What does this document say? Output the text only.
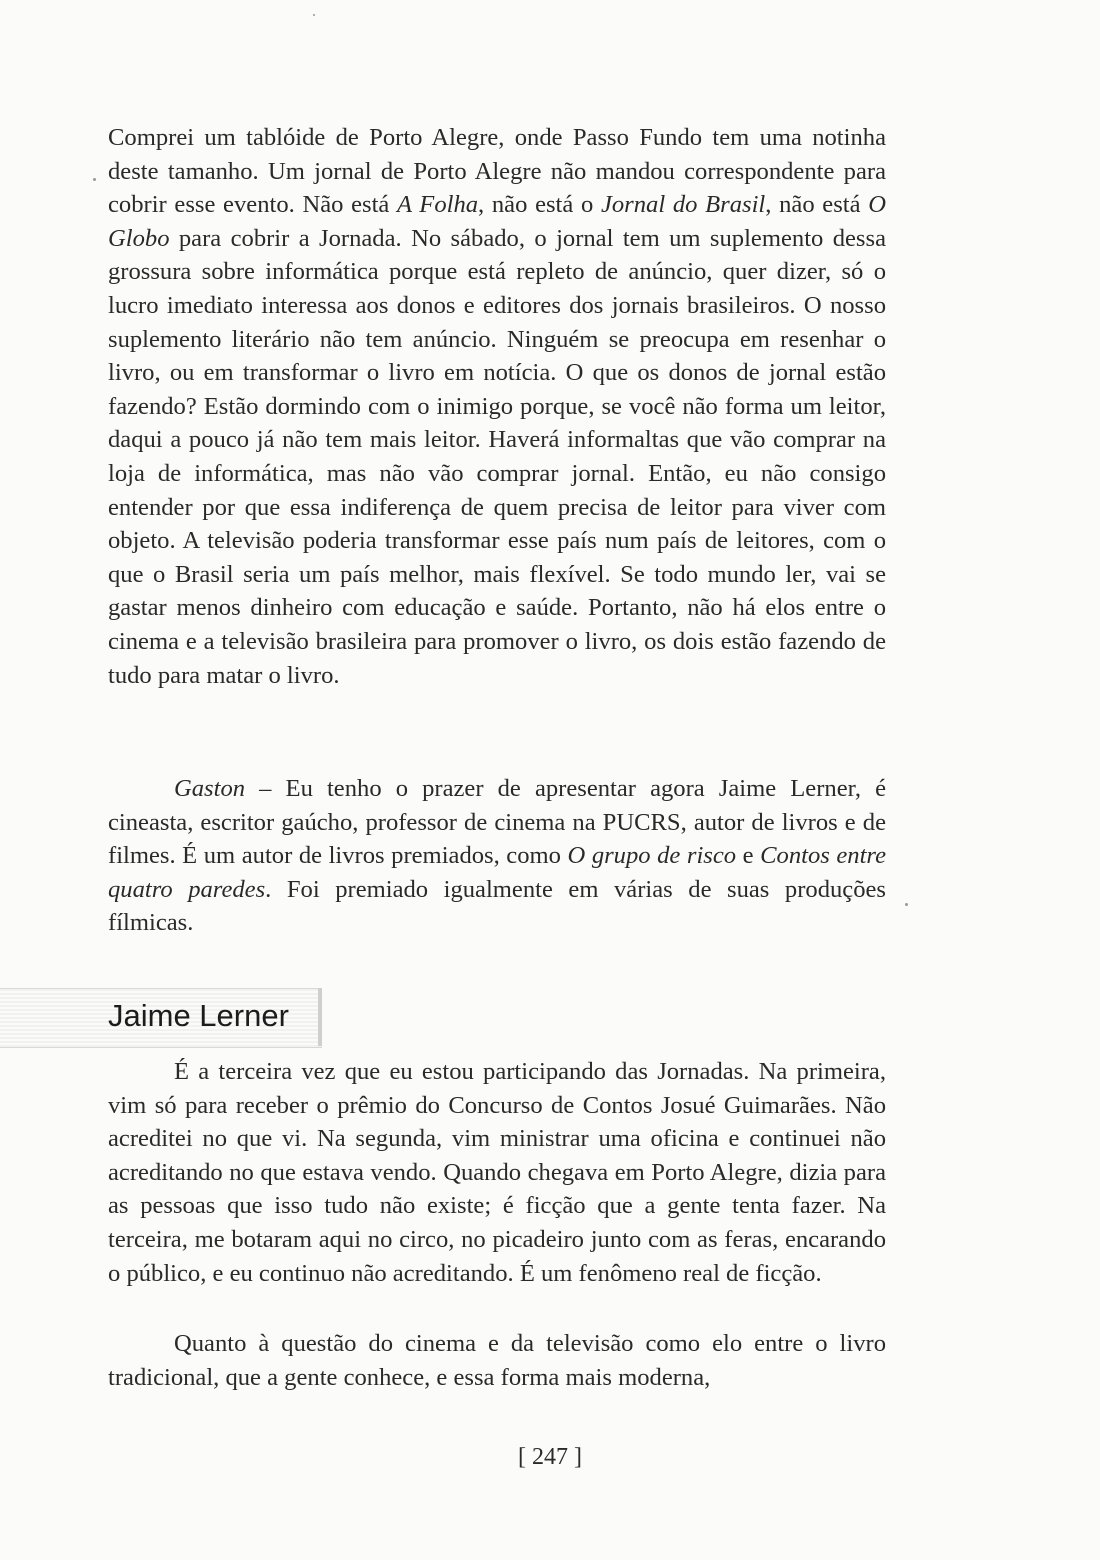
Comprei um tablóide de Porto Alegre, onde Passo Fundo tem uma notinha deste tamanho. Um jornal de Porto Alegre não mandou correspondente para cobrir esse evento. Não está A Folha, não está o Jornal do Brasil, não está O Globo para cobrir a Jornada. No sábado, o jornal tem um suplemento dessa grossura sobre informática porque está repleto de anúncio, quer dizer, só o lucro imediato interessa aos donos e editores dos jornais brasileiros. O nosso suplemento literário não tem anúncio. Ninguém se preocupa em resenhar o livro, ou em transformar o livro em notícia. O que os donos de jornal estão fazendo? Estão dormindo com o inimigo porque, se você não forma um leitor, daqui a pouco já não tem mais leitor. Haverá informaltas que vão comprar na loja de informática, mas não vão comprar jornal. Então, eu não consigo entender por que essa indiferença de quem precisa de leitor para viver com objeto. A televisão poderia transformar esse país num país de leitores, com o que o Brasil seria um país melhor, mais flexível. Se todo mundo ler, vai se gastar menos dinheiro com educação e saúde. Portanto, não há elos entre o cinema e a televisão brasileira para promover o livro, os dois estão fazendo de tudo para matar o livro.

Gaston – Eu tenho o prazer de apresentar agora Jaime Lerner, é cineasta, escritor gaúcho, professor de cinema na PUCRS, autor de livros e de filmes. É um autor de livros premiados, como O grupo de risco e Contos entre quatro paredes. Foi premiado igualmente em várias de suas produções fílmicas.

Jaime Lerner

É a terceira vez que eu estou participando das Jornadas. Na primeira, vim só para receber o prêmio do Concurso de Contos Josué Guimarães. Não acreditei no que vi. Na segunda, vim ministrar uma oficina e continuei não acreditando no que estava vendo. Quando chegava em Porto Alegre, dizia para as pessoas que isso tudo não existe; é ficção que a gente tenta fazer. Na terceira, me botaram aqui no circo, no picadeiro junto com as feras, encarando o público, e eu continuo não acreditando. É um fenômeno real de ficção.

Quanto à questão do cinema e da televisão como elo entre o livro tradicional, que a gente conhece, e essa forma mais moderna,

[ 247 ]
